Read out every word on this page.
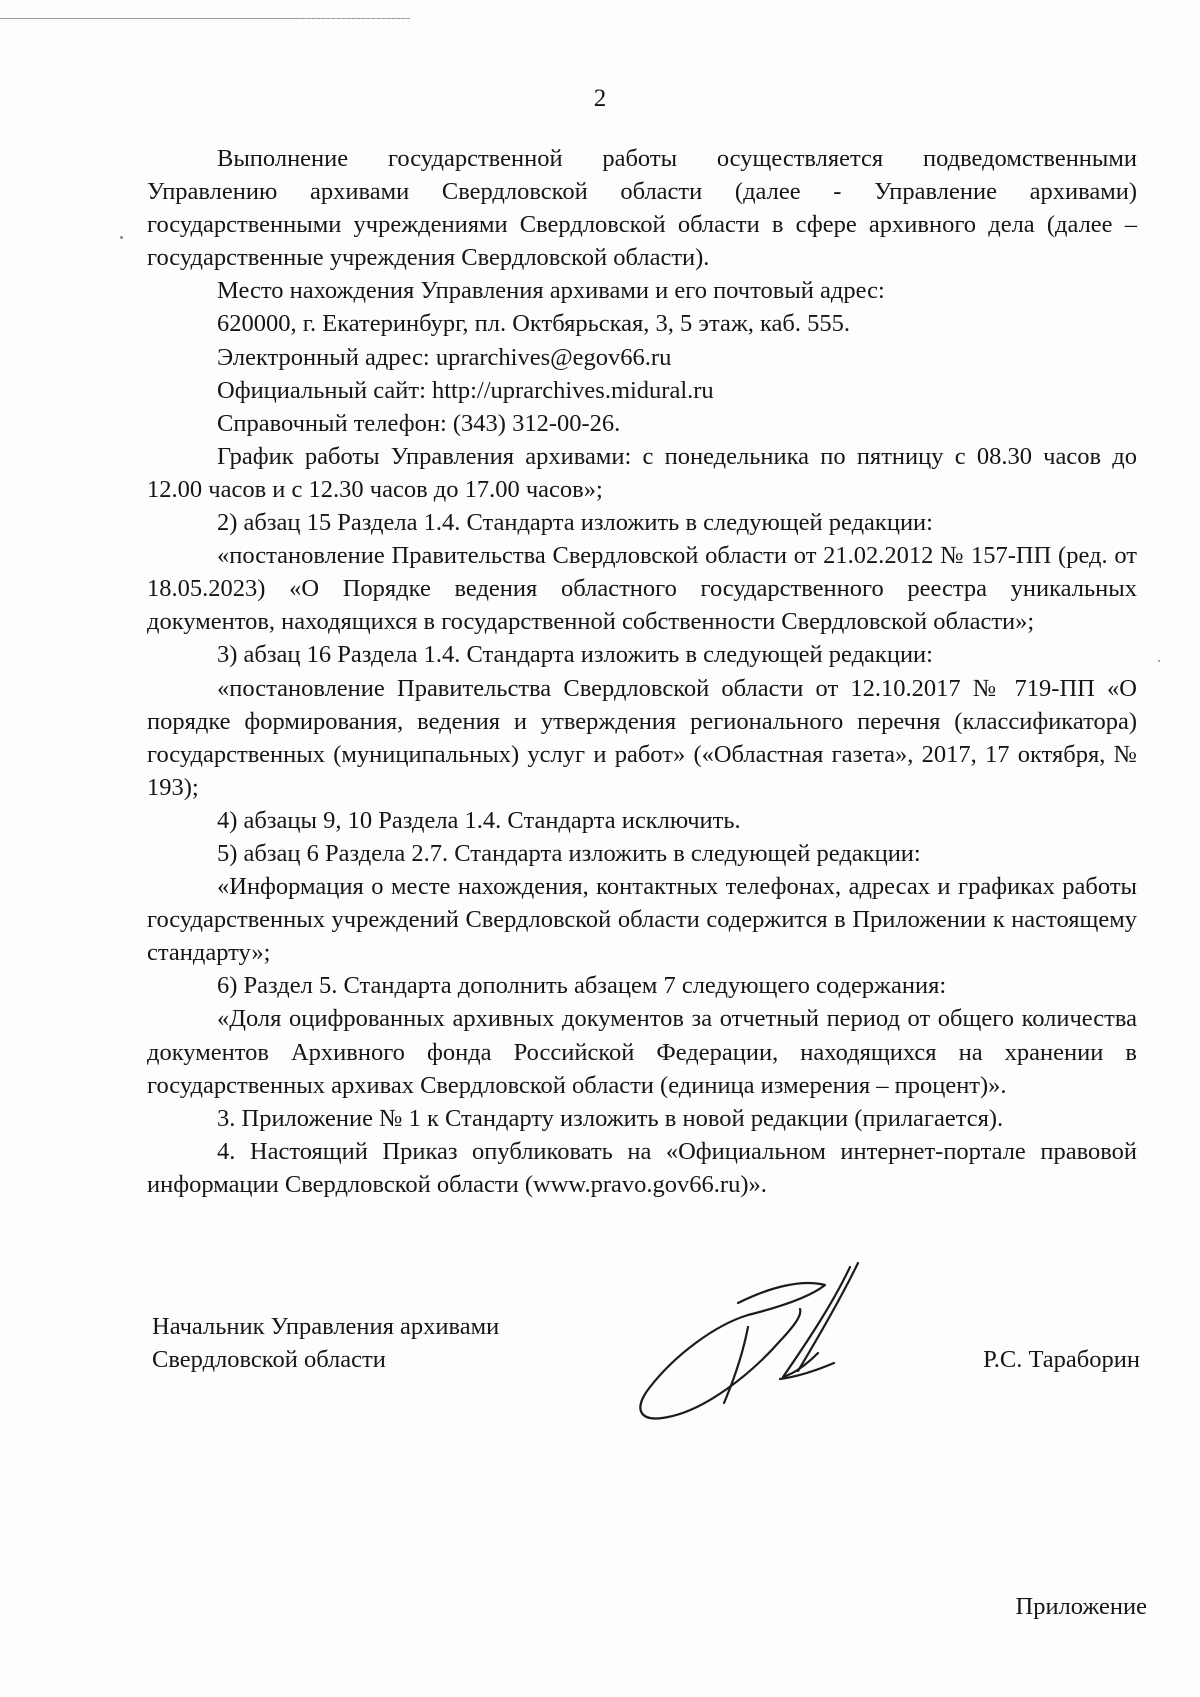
2

Выполнение государственной работы осуществляется подведомственными Управлению архивами Свердловской области (далее - Управление архивами) государственными учреждениями Свердловской области в сфере архивного дела (далее – государственные учреждения Свердловской области).

Место нахождения Управления архивами и его почтовый адрес:

620000, г. Екатеринбург, пл. Октбярьская, 3, 5 этаж, каб. 555.

Электронный адрес: uprarchives@egov66.ru

Официальный сайт: http://uprarchives.midural.ru

Справочный телефон: (343) 312-00-26.

График работы Управления архивами: с понедельника по пятницу с 08.30 часов до 12.00 часов и с 12.30 часов до 17.00 часов»;

2) абзац 15 Раздела 1.4. Стандарта изложить в следующей редакции:

«постановление Правительства Свердловской области от 21.02.2012 № 157-ПП (ред. от 18.05.2023) «О Порядке ведения областного государственного реестра уникальных документов, находящихся в государственной собственности Свердловской области»;

3) абзац 16 Раздела 1.4. Стандарта изложить в следующей редакции:

«постановление Правительства Свердловской области от 12.10.2017 № 719-ПП «О порядке формирования, ведения и утверждения регионального перечня (классификатора) государственных (муниципальных) услуг и работ» («Областная газета», 2017, 17 октября, № 193);

4) абзацы 9, 10 Раздела 1.4. Стандарта исключить.

5) абзац 6 Раздела 2.7. Стандарта изложить в следующей редакции:

«Информация о месте нахождения, контактных телефонах, адресах и графиках работы государственных учреждений Свердловской области содержится в Приложении к настоящему стандарту»;

6) Раздел 5. Стандарта дополнить абзацем 7 следующего содержания:

«Доля оцифрованных архивных документов за отчетный период от общего количества документов Архивного фонда Российской Федерации, находящихся на хранении в государственных архивах Свердловской области (единица измерения – процент)».

3. Приложение № 1 к Стандарту изложить в новой редакции (прилагается).

4. Настоящий Приказ опубликовать на «Официальном интернет-портале правовой информации Свердловской области (www.pravo.gov66.ru)».

Начальник Управления архивами
Свердловской области	Р.С. Тараборин
Приложение
